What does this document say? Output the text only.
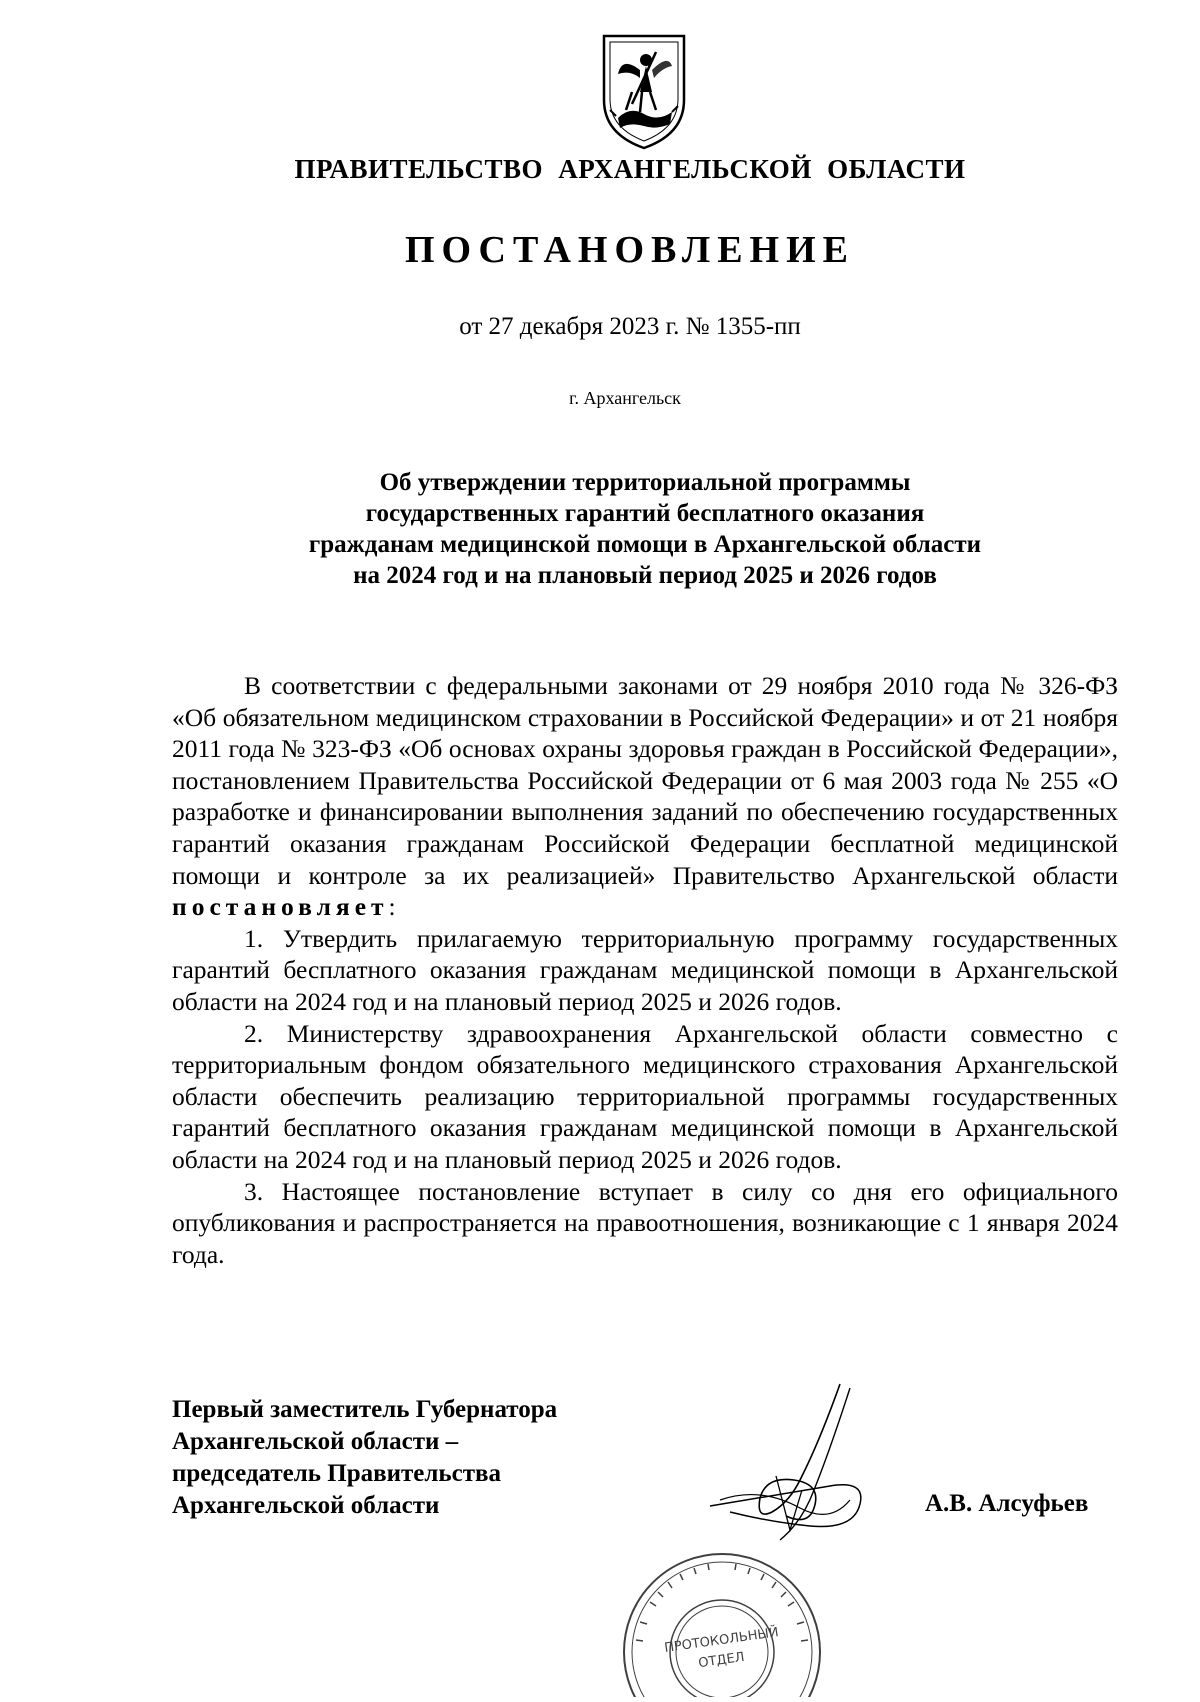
ПРАВИТЕЛЬСТВО АРХАНГЕЛЬСКОЙ ОБЛАСТИ
ПОСТАНОВЛЕНИЕ
от 27 декабря 2023 г. № 1355-пп
г. Архангельск
Об утверждении территориальной программы
государственных гарантий бесплатного оказания
гражданам медицинской помощи в Архангельской области
на 2024 год и на плановый период 2025 и 2026 годов

В соответствии с федеральными законами от 29 ноября 2010 года № 326-ФЗ «Об обязательном медицинском страховании в Российской Федерации» и от 21 ноября 2011 года № 323-ФЗ «Об основах охраны здоровья граждан в Российской Федерации», постановлением Правительства Российской Федерации от 6 мая 2003 года № 255 «О разработке и финансировании выполнения заданий по обеспечению государственных гарантий оказания гражданам Российской Федерации бесплатной медицинской помощи и контроле за их реализацией» Правительство Архангельской области постановляет:

1. Утвердить прилагаемую территориальную программу государственных гарантий бесплатного оказания гражданам медицинской помощи в Архангельской области на 2024 год и на плановый период 2025 и 2026 годов.

2. Министерству здравоохранения Архангельской области совместно с территориальным фондом обязательного медицинского страхования Архангельской области обеспечить реализацию территориальной программы государственных гарантий бесплатного оказания гражданам медицинской помощи в Архангельской области на 2024 год и на плановый период 2025 и 2026 годов.

3. Настоящее постановление вступает в силу со дня его официального опубликования и распространяется на правоотношения, возникающие с 1 января 2024 года.

Первый заместитель Губернатора
Архангельской области –
председатель Правительства
Архангельской области	А.В. Алсуфьев
ПРОТОКОЛЬНЫЙ
ОТДЕЛ
